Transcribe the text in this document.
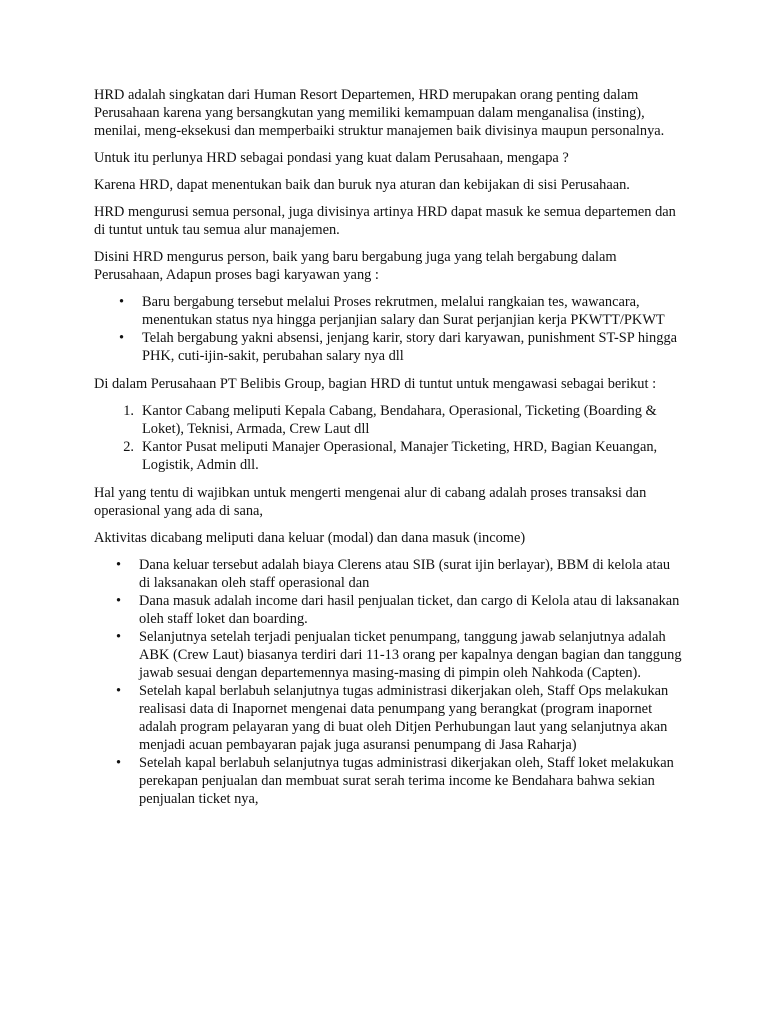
HRD adalah singkatan dari Human Resort Departemen, HRD merupakan orang penting dalam Perusahaan karena yang bersangkutan yang memiliki kemampuan dalam menganalisa (insting), menilai, meng-eksekusi dan memperbaiki struktur manajemen baik divisinya maupun personalnya.

Untuk itu perlunya HRD sebagai pondasi yang kuat dalam Perusahaan, mengapa ?

Karena HRD, dapat menentukan baik dan buruk nya aturan dan kebijakan di sisi Perusahaan.

HRD mengurusi semua personal, juga divisinya artinya HRD dapat masuk ke semua departemen dan di tuntut untuk tau semua alur manajemen.

Disini HRD mengurus person, baik yang baru bergabung juga yang telah bergabung dalam Perusahaan, Adapun proses bagi karyawan yang :

• Baru bergabung tersebut melalui Proses rekrutmen, melalui rangkaian tes, wawancara, menentukan status nya hingga perjanjian salary dan Surat perjanjian kerja PKWTT/PKWT
• Telah bergabung yakni absensi, jenjang karir, story dari karyawan, punishment ST-SP hingga PHK, cuti-ijin-sakit, perubahan salary nya dll

Di dalam Perusahaan PT Belibis Group, bagian HRD di tuntut untuk mengawasi sebagai berikut :

1. Kantor Cabang meliputi Kepala Cabang, Bendahara, Operasional, Ticketing (Boarding & Loket), Teknisi, Armada, Crew Laut dll
2. Kantor Pusat meliputi Manajer Operasional, Manajer Ticketing, HRD, Bagian Keuangan, Logistik, Admin dll.

Hal yang tentu di wajibkan untuk mengerti mengenai alur di cabang adalah proses transaksi dan operasional yang ada di sana,

Aktivitas dicabang meliputi dana keluar (modal) dan dana masuk (income)

• Dana keluar tersebut adalah biaya Clerens atau SIB (surat ijin berlayar), BBM di kelola atau di laksanakan oleh staff operasional dan
• Dana masuk adalah income dari hasil penjualan ticket, dan cargo di Kelola atau di laksanakan oleh staff loket dan boarding.
• Selanjutnya setelah terjadi penjualan ticket penumpang, tanggung jawab selanjutnya adalah ABK (Crew Laut) biasanya terdiri dari 11-13 orang per kapalnya dengan bagian dan tanggung jawab sesuai dengan departemennya masing-masing di pimpin oleh Nahkoda (Capten).
• Setelah kapal berlabuh selanjutnya tugas administrasi dikerjakan oleh, Staff Ops melakukan realisasi data di Inapornet mengenai data penumpang yang berangkat (program inapornet adalah program pelayaran yang di buat oleh Ditjen Perhubungan laut yang selanjutnya akan menjadi acuan pembayaran pajak juga asuransi penumpang di Jasa Raharja)
• Setelah kapal berlabuh selanjutnya tugas administrasi dikerjakan oleh, Staff loket melakukan perekapan penjualan dan membuat surat serah terima income ke Bendahara bahwa sekian penjualan ticket nya,
